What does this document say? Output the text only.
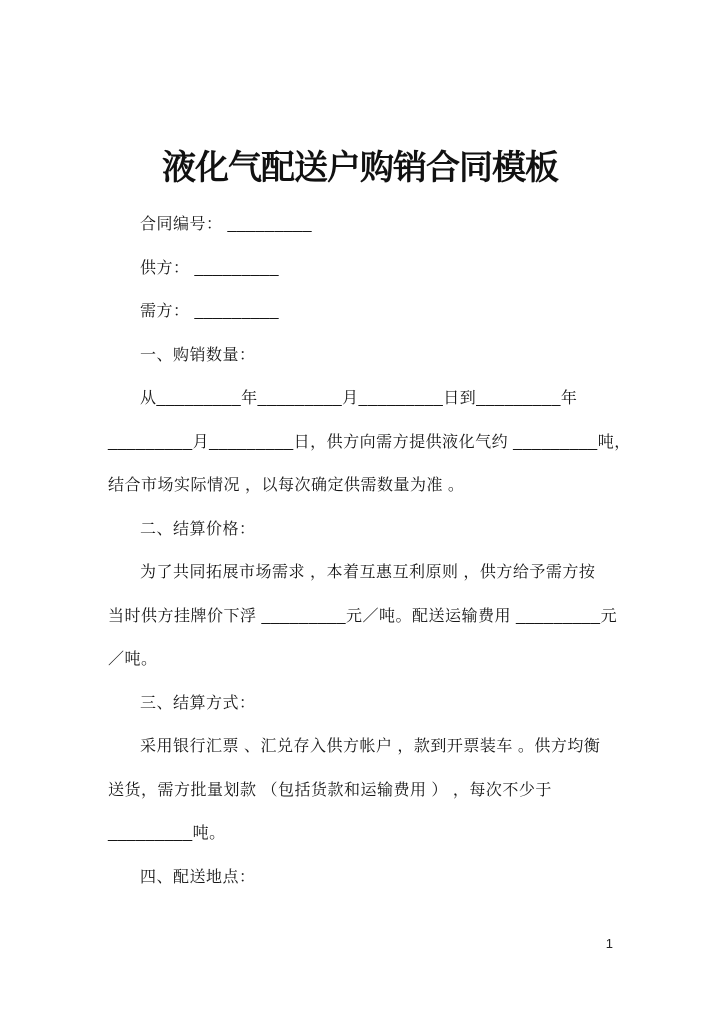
液化气配送户购销合同模板
合同编号： _________
供方： _________
需方： _________
一、购销数量：
从_________年_________月_________日到_________年
_________月_________日，供方向需方提供液化气约 _________吨，
结合市场实际情况 ，以每次确定供需数量为准 。
二、结算价格：
为了共同拓展市场需求 ，本着互惠互利原则 ，供方给予需方按
当时供方挂牌价下浮 _________元／吨。配送运输费用 _________元
／吨。
三、结算方式：
采用银行汇票 、汇兑存入供方帐户 ，款到开票装车 。供方均衡
送货，需方批量划款 （包括货款和运输费用 ） ，每次不少于
_________吨。
四、配送地点：
1
